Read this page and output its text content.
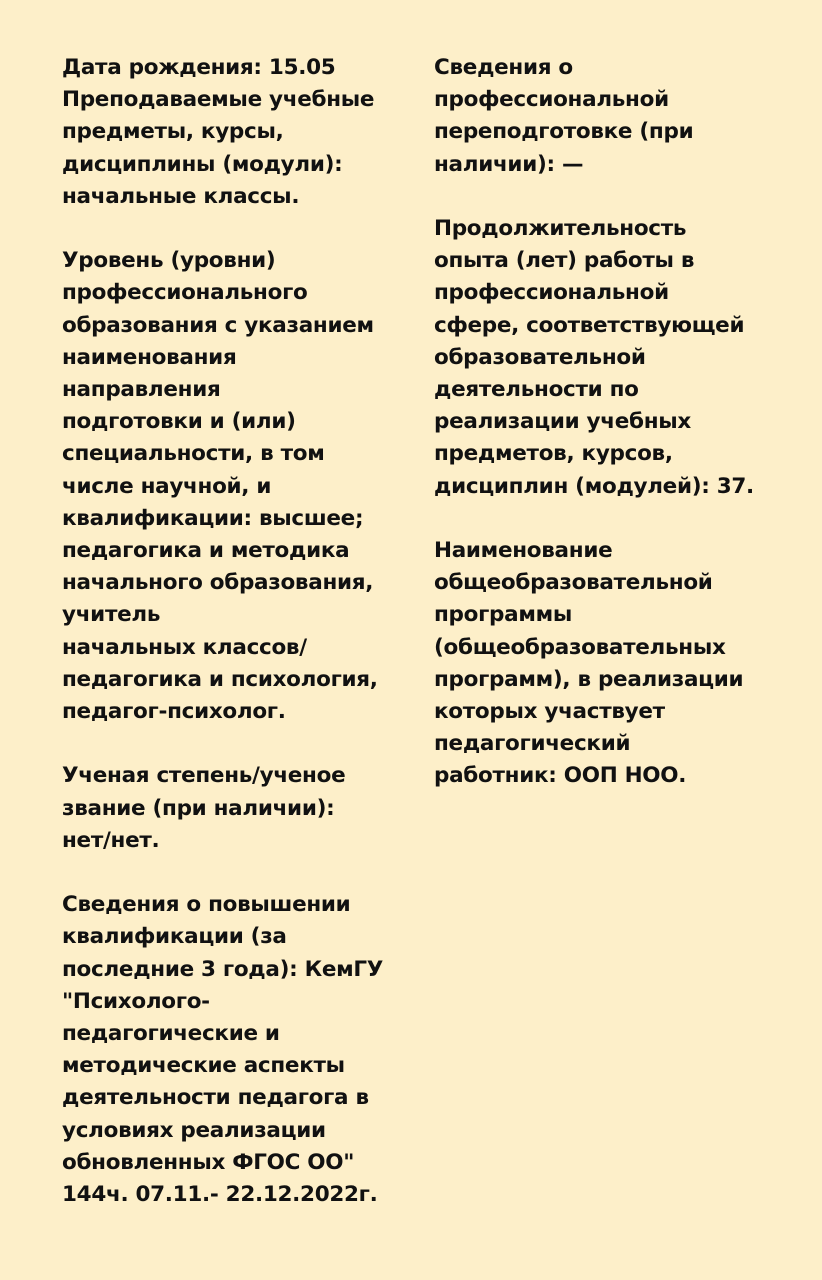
Дата рождения: 15.05
Преподаваемые учебные
предметы, курсы,
дисциплины (модули):
начальные классы.
Уровень (уровни)
профессионального
образования с указанием
наименования
направления
подготовки и (или)
специальности, в том
числе научной, и
квалификации: высшее;
педагогика и методика
начального образования,
учитель
начальных классов/
педагогика и психология,
педагог-психолог.
Ученая степень/ученое
звание (при наличии):
нет/нет.
Сведения о повышении
квалификации (за
последние 3 года): КемГУ
"Психолого-
педагогические и
методические аспекты
деятельности педагога в
условиях реализации
обновленных ФГОС ОО"
144ч. 07.11.- 22.12.2022г.
Сведения о
профессиональной
переподготовке (при
наличии): —
Продолжительность
опыта (лет) работы в
профессиональной
сфере, соответствующей
образовательной
деятельности по
реализации учебных
предметов, курсов,
дисциплин (модулей): 37.
Наименование
общеобразовательной
программы
(общеобразовательных
программ), в реализации
которых участвует
педагогический
работник: ООП НОО.
